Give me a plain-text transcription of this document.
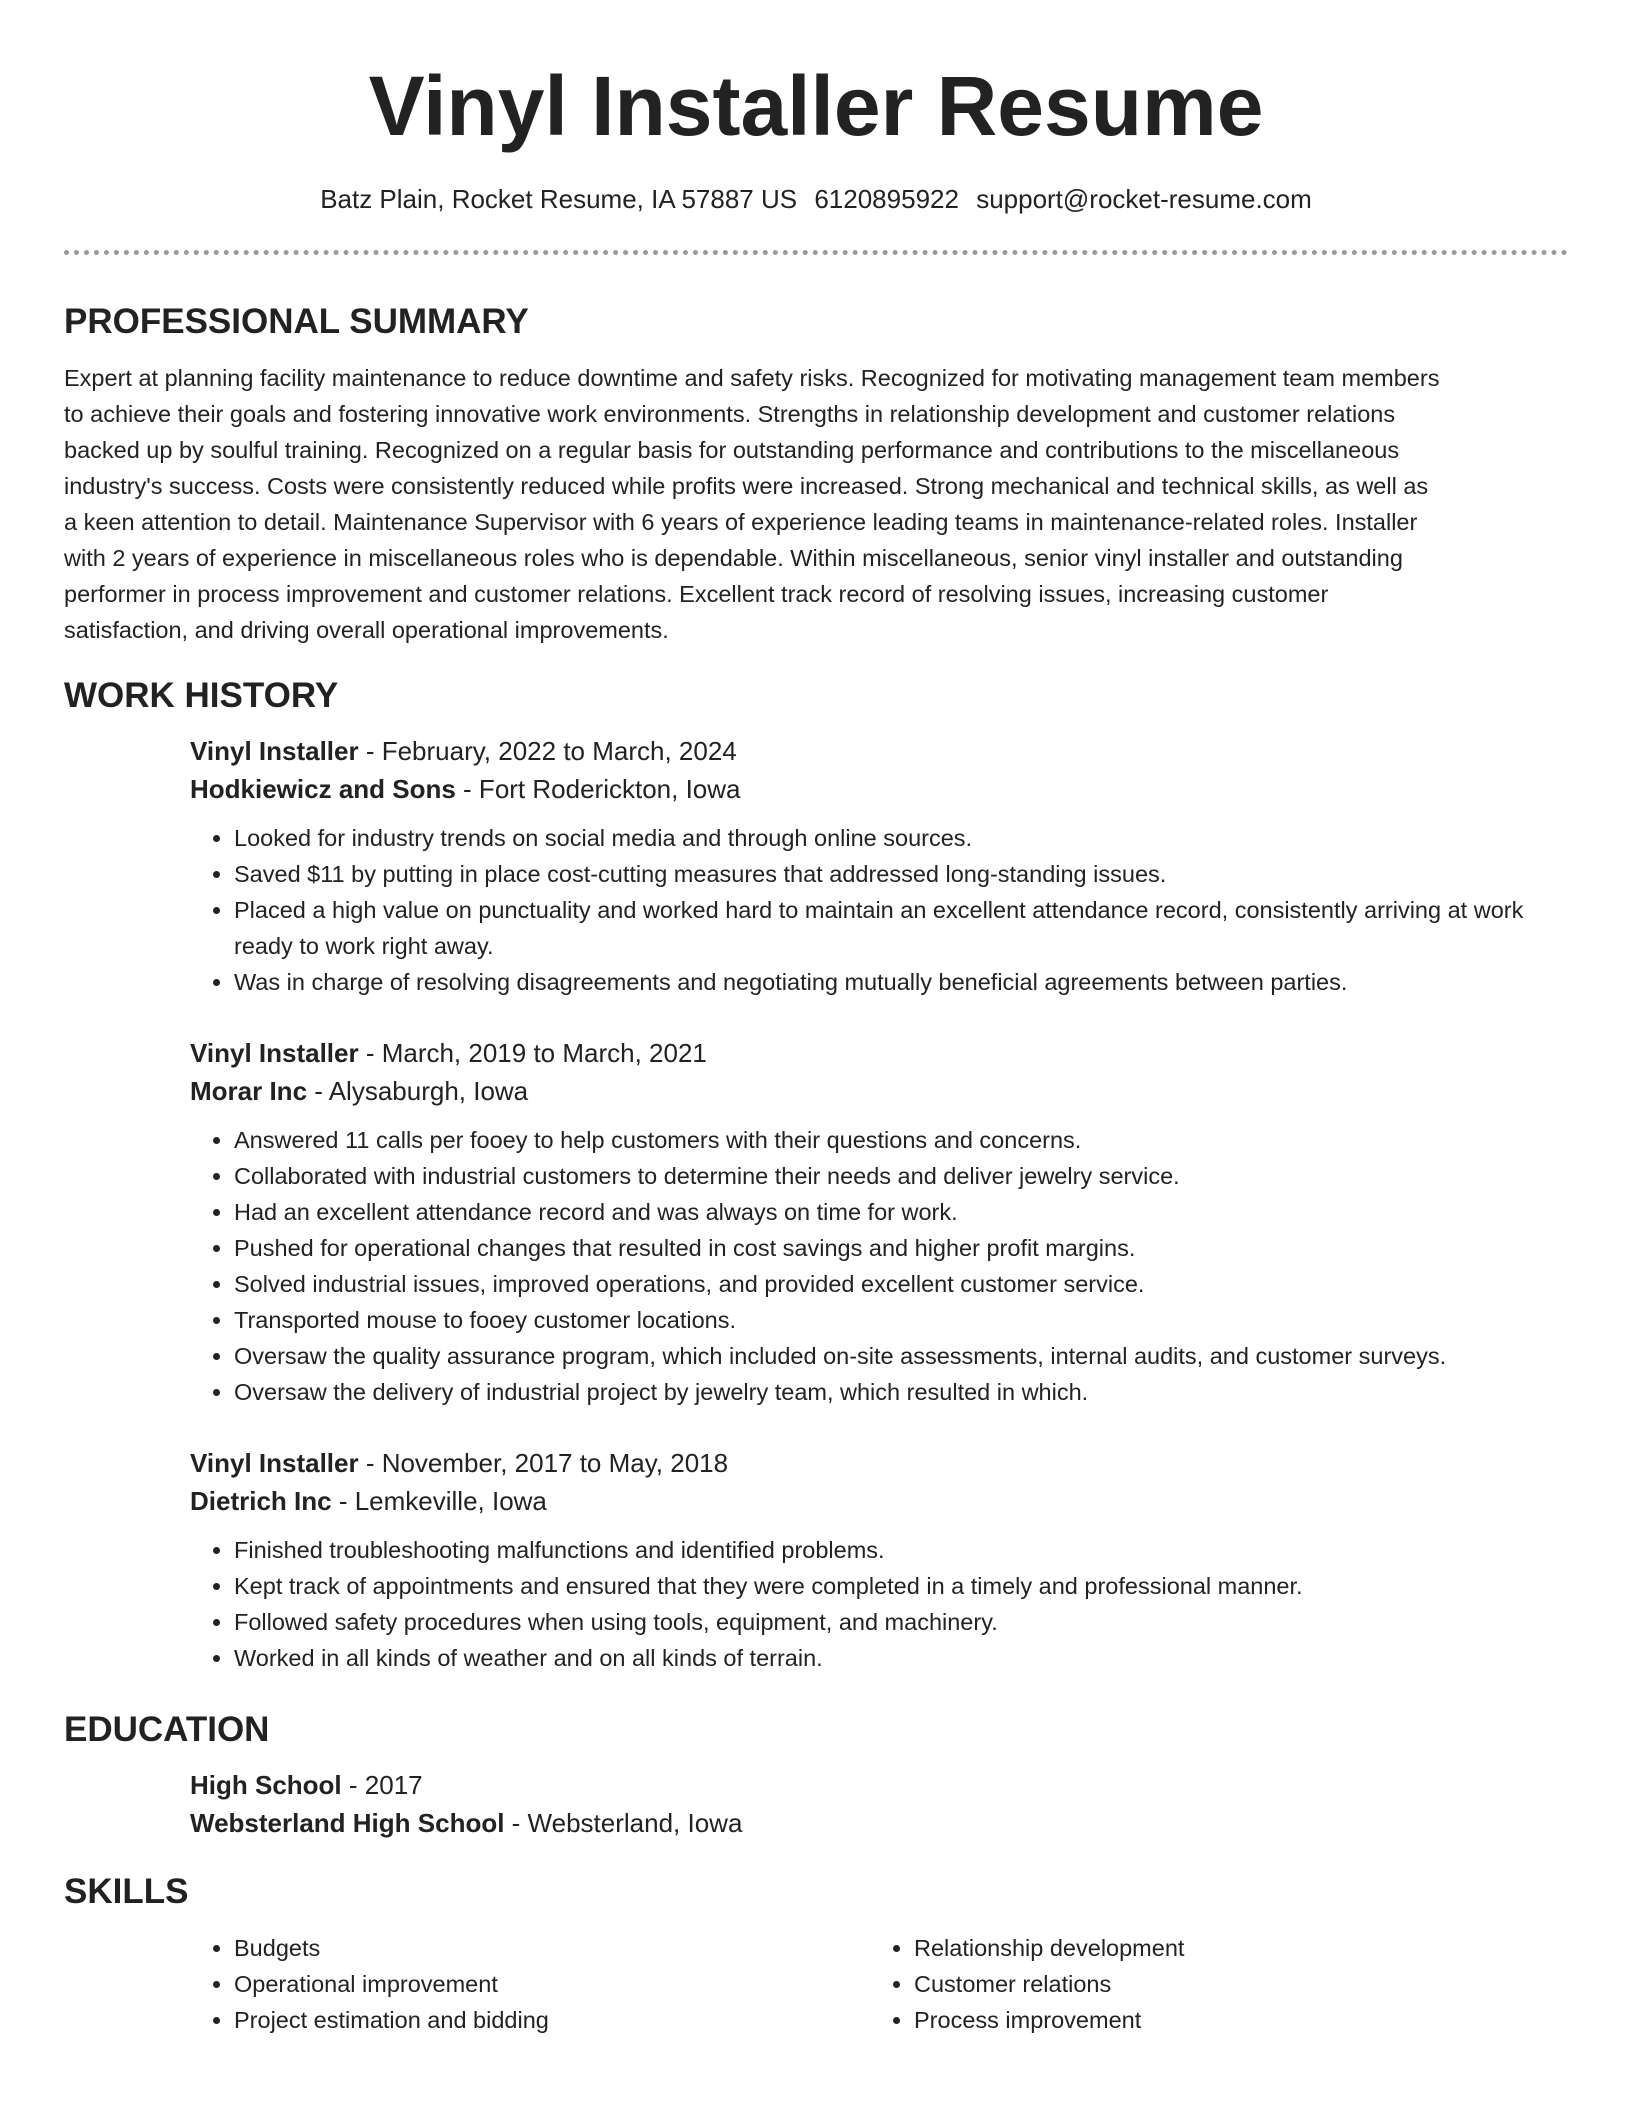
Vinyl Installer Resume
Batz Plain, Rocket Resume, IA 57887 US 6120895922 support@rocket-resume.com
PROFESSIONAL SUMMARY
Expert at planning facility maintenance to reduce downtime and safety risks. Recognized for motivating management team members to achieve their goals and fostering innovative work environments. Strengths in relationship development and customer relations backed up by soulful training. Recognized on a regular basis for outstanding performance and contributions to the miscellaneous industry's success. Costs were consistently reduced while profits were increased. Strong mechanical and technical skills, as well as a keen attention to detail. Maintenance Supervisor with 6 years of experience leading teams in maintenance-related roles. Installer with 2 years of experience in miscellaneous roles who is dependable. Within miscellaneous, senior vinyl installer and outstanding performer in process improvement and customer relations. Excellent track record of resolving issues, increasing customer satisfaction, and driving overall operational improvements.
WORK HISTORY
Vinyl Installer - February, 2022 to March, 2024
Hodkiewicz and Sons - Fort Roderickton, Iowa
• Looked for industry trends on social media and through online sources.
• Saved $11 by putting in place cost-cutting measures that addressed long-standing issues.
• Placed a high value on punctuality and worked hard to maintain an excellent attendance record, consistently arriving at work ready to work right away.
• Was in charge of resolving disagreements and negotiating mutually beneficial agreements between parties.
Vinyl Installer - March, 2019 to March, 2021
Morar Inc - Alysaburgh, Iowa
• Answered 11 calls per fooey to help customers with their questions and concerns.
• Collaborated with industrial customers to determine their needs and deliver jewelry service.
• Had an excellent attendance record and was always on time for work.
• Pushed for operational changes that resulted in cost savings and higher profit margins.
• Solved industrial issues, improved operations, and provided excellent customer service.
• Transported mouse to fooey customer locations.
• Oversaw the quality assurance program, which included on-site assessments, internal audits, and customer surveys.
• Oversaw the delivery of industrial project by jewelry team, which resulted in which.
Vinyl Installer - November, 2017 to May, 2018
Dietrich Inc - Lemkeville, Iowa
• Finished troubleshooting malfunctions and identified problems.
• Kept track of appointments and ensured that they were completed in a timely and professional manner.
• Followed safety procedures when using tools, equipment, and machinery.
• Worked in all kinds of weather and on all kinds of terrain.
EDUCATION
High School - 2017
Websterland High School - Websterland, Iowa
SKILLS
• Budgets
• Operational improvement
• Project estimation and bidding
• Relationship development
• Customer relations
• Process improvement
